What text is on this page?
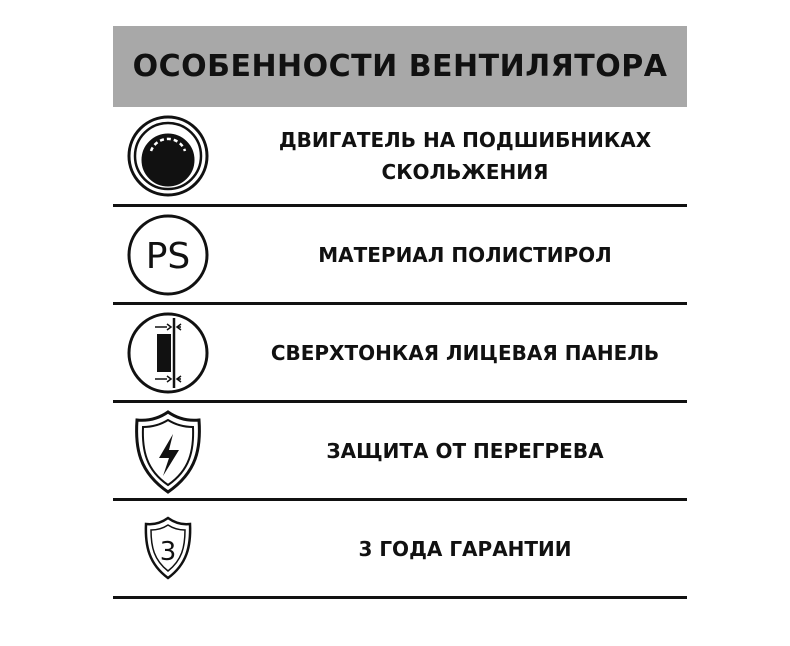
ОСОБЕННОСТИ ВЕНТИЛЯТОРА
ДВИГАТЕЛЬ НА ПОДШИБНИКАХ
СКОЛЬЖЕНИЯ
PS	МАТЕРИАЛ ПОЛИСТИРОЛ
СВЕРХТОНКАЯ ЛИЦЕВАЯ ПАНЕЛЬ
ЗАЩИТА ОТ ПЕРЕГРЕВА
3	3 ГОДА ГАРАНТИИ
